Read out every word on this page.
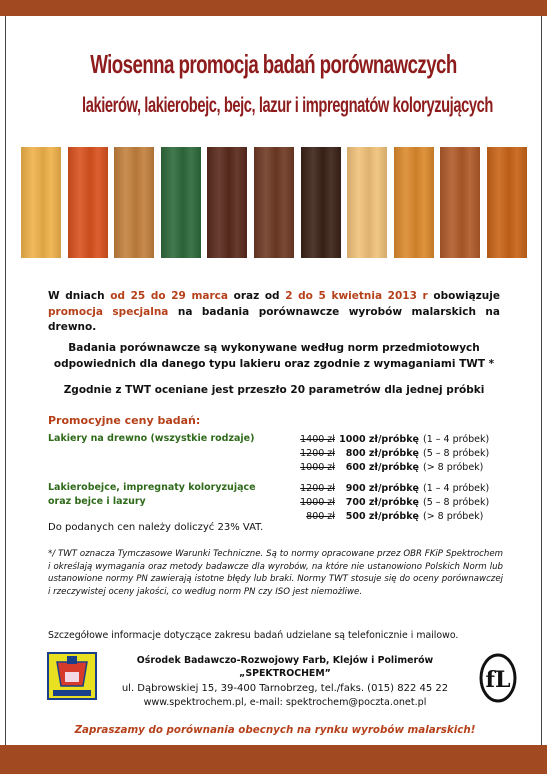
Wiosenna promocja badań porównawczych
lakierów, lakierobejc, bejc, lazur i impregnatów koloryzujących
W dniach od 25 do 29 marca oraz od 2 do 5 kwietnia 2013 r obowiązuje promocja specjalna na badania porównawcze wyrobów malarskich na drewno.
Badania porównawcze są wykonywane według norm przedmiotowych odpowiednich dla danego typu lakieru oraz zgodnie z wymaganiami TWT *
Zgodnie z TWT oceniane jest przeszło 20 parametrów dla jednej próbki
Promocyjne ceny badań:
Lakiery na drewno (wszystkie rodzaje)	1400 zł 1000 zł/próbkę (1 – 4 próbek)
1200 zł 800 zł/próbkę (5 – 8 próbek)
1000 zł 600 zł/próbkę (> 8 próbek)
Lakierobejce, impregnaty koloryzujące
oraz bejce i lazury
1200 zł 900 zł/próbkę (1 – 4 próbek)
1000 zł 700 zł/próbkę (5 – 8 próbek)
800 zł 500 zł/próbkę (> 8 próbek)
Do podanych cen należy doliczyć 23% VAT.
*/ TWT oznacza Tymczasowe Warunki Techniczne. Są to normy opracowane przez OBR FKiP Spektrochem i określają wymagania oraz metody badawcze dla wyrobów, na które nie ustanowiono Polskich Norm lub ustanowione normy PN zawierają istotne błędy lub braki. Normy TWT stosuje się do oceny porównawczej i rzeczywistej oceny jakości, co według norm PN czy ISO jest niemożliwe.
Szczegółowe informacje dotyczące zakresu badań udzielane są telefonicznie i mailowo.
Ośrodek Badawczo-Rozwojowy Farb, Klejów i Polimerów
„SPEKTROCHEM”
ul. Dąbrowskiej 15, 39-400 Tarnobrzeg, tel./faks. (015) 822 45 22
www.spektrochem.pl, e-mail: spektrochem@poczta.onet.pl
fL
Zapraszamy do porównania obecnych na rynku wyrobów malarskich!
